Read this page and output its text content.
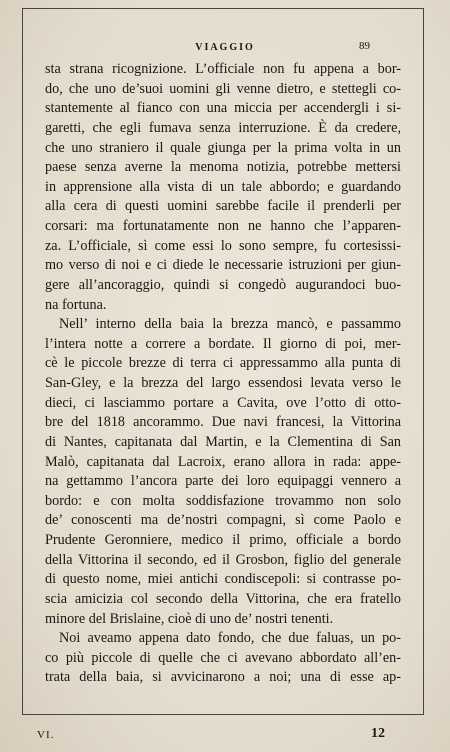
VIAGGIO	89
sta strana ricognizione. L’officiale non fu appena a bor-
do, che uno de’suoi uomini gli venne dietro, e stettegli co-
stantemente al fianco con una miccia per accendergli i si-
garetti, che egli fumava senza interruzione. È da credere,
che uno straniero il quale giunga per la prima volta in un
paese senza averne la menoma notizia, potrebbe mettersi
in apprensione alla vista di un tale abbordo; e guardando
alla cera di questi uomini sarebbe facile il prenderli per
corsari: ma fortunatamente non ne hanno che l’apparen-
za. L’officiale, sì come essi lo sono sempre, fu cortesissi-
mo verso di noi e ci diede le necessarie istruzioni per giun-
gere all’ancoraggio, quindi si congedò augurandoci buo-
na fortuna.
Nell’ interno della baia la brezza mancò, e passammo
l’intera notte a correre a bordate. Il giorno di poi, mer-
cè le piccole brezze di terra ci appressammo alla punta di
San-Gley, e la brezza del largo essendosi levata verso le
dieci, ci lasciammo portare a Cavita, ove l’otto di otto-
bre del 1818 ancorammo. Due navi francesi, la Vittorina
di Nantes, capitanata dal Martin, e la Clementina di San
Malò, capitanata dal Lacroix, erano allora in rada: appe-
na gettammo l’ancora parte dei loro equipaggi vennero a
bordo: e con molta soddisfazione trovammo non solo
de’ conoscenti ma de’nostri compagni, sì come Paolo e
Prudente Geronniere, medico il primo, officiale a bordo
della Vittorina il secondo, ed il Grosbon, figlio del generale
di questo nome, miei antichi condiscepoli: si contrasse po-
scia amicizia col secondo della Vittorina, che era fratello
minore del Brislaine, cioè di uno de’ nostri tenenti.
Noi aveamo appena dato fondo, che due faluas, un po-
co più piccole di quelle che ci avevano abbordato all’en-
trata della baia, si avvicinarono a noi; una di esse ap-
VI.	12
